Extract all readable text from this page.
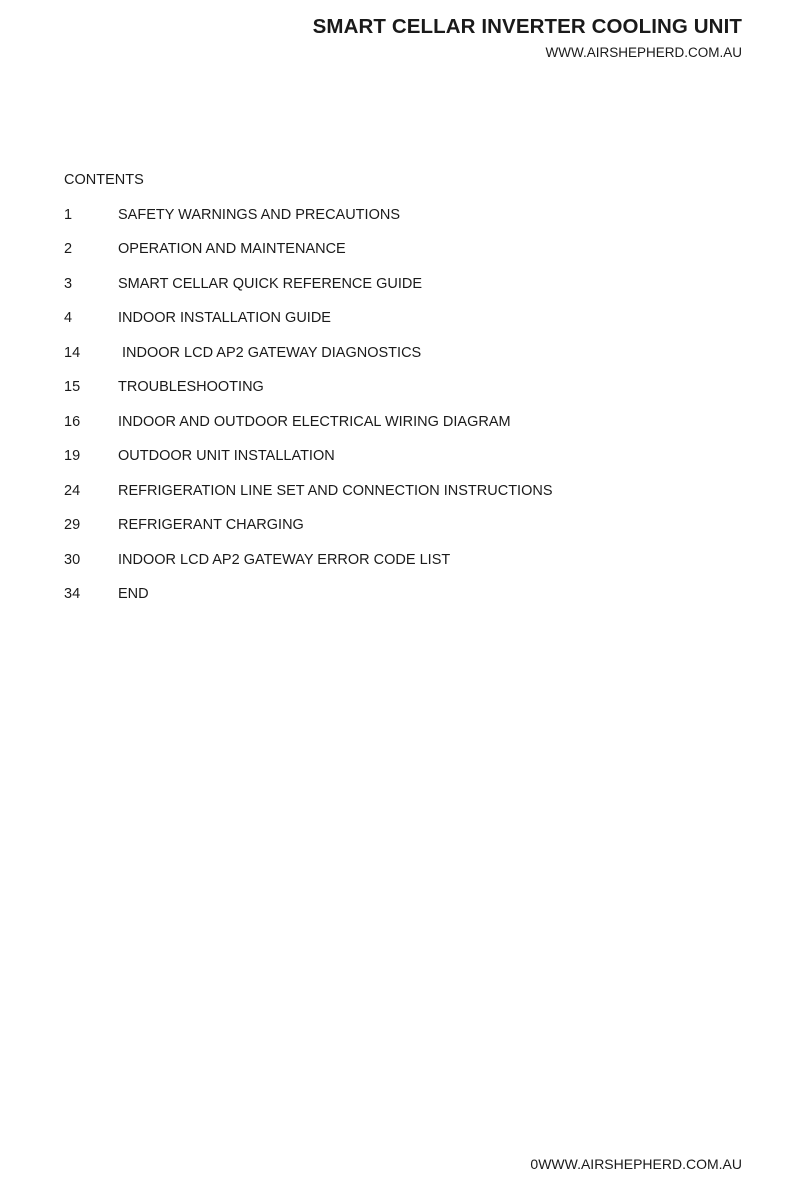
SMART CELLAR INVERTER COOLING UNIT
WWW.AIRSHEPHERD.COM.AU
CONTENTS
1	SAFETY WARNINGS AND PRECAUTIONS
2	OPERATION AND MAINTENANCE
3	SMART CELLAR QUICK REFERENCE GUIDE
4	INDOOR INSTALLATION GUIDE
14	INDOOR LCD AP2 GATEWAY DIAGNOSTICS
15	TROUBLESHOOTING
16	INDOOR AND OUTDOOR ELECTRICAL WIRING DIAGRAM
19	OUTDOOR UNIT INSTALLATION
24	REFRIGERATION LINE SET AND CONNECTION INSTRUCTIONS
29	REFRIGERANT CHARGING
30	INDOOR LCD AP2 GATEWAY ERROR CODE LIST
34	END
0WWW.AIRSHEPHERD.COM.AU
